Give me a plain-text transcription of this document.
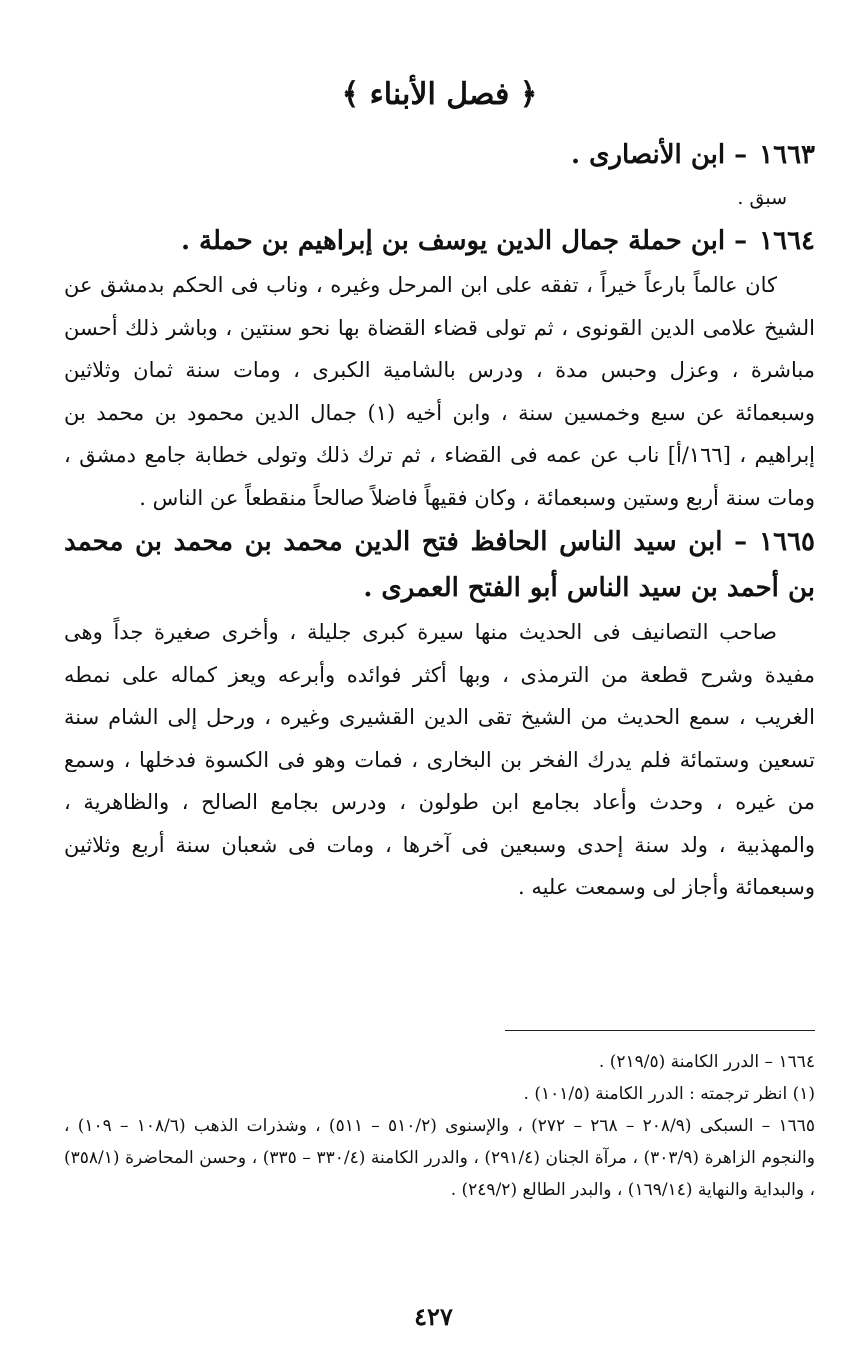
﴿ فصل الأبناء ﴾

١٦٦٣– ابن الأنصارى .

سبق .

١٦٦٤– ابن حملة جمال الدين يوسف بن إبراهيم بن حملة .

كان عالماً بارعاً خيراً ، تفقه على ابن المرحل وغيره ، وناب فى الحكم بدمشق عن الشيخ علامى الدين القونوى ، ثم تولى قضاء القضاة بها نحو سنتين ، وباشر ذلك أحسن مباشرة ، وعزل وحبس مدة ، ودرس بالشامية الكبرى ، ومات سنة ثمان وثلاثين وسبعمائة عن سبع وخمسين سنة ، وابن أخيه (١) جمال الدين محمود بن محمد بن إبراهيم ، [١٦٦/أ] ناب عن عمه فى القضاء ، ثم ترك ذلك وتولى خطابة جامع دمشق ، ومات سنة أربع وستين وسبعمائة ، وكان فقيهاً فاضلاً صالحاً منقطعاً عن الناس .

١٦٦٥– ابن سيد الناس الحافظ فتح الدين محمد بن محمد بن محمد بن أحمد بن سيد الناس أبو الفتح العمرى .

صاحب التصانيف فى الحديث منها سيرة كبرى جليلة ، وأخرى صغيرة جداً وهى مفيدة وشرح قطعة من الترمذى ، وبها أكثر فوائده وأبرعه ويعز كماله على نمطه الغريب ، سمع الحديث من الشيخ تقى الدين القشيرى وغيره ، ورحل إلى الشام سنة تسعين وستمائة فلم يدرك الفخر بن البخارى ، فمات وهو فى الكسوة فدخلها ، وسمع من غيره ، وحدث وأعاد بجامع ابن طولون ، ودرس بجامع الصالح ، والظاهرية ، والمهذبية ، ولد سنة إحدى وسبعين فى آخرها ، ومات فى شعبان سنة أربع وثلاثين وسبعمائة وأجاز لى وسمعت عليه .

١٦٦٤ – الدرر الكامنة (٢١٩/٥) .

(١) انظر ترجمته : الدرر الكامنة (١٠١/٥) .

١٦٦٥ – السبكى (٢٠٨/٩ – ٢٦٨ – ٢٧٢) ، والإسنوى (٥١٠/٢ – ٥١١) ، وشذرات الذهب (١٠٨/٦ – ١٠٩) ، والنجوم الزاهرة (٣٠٣/٩) ، مرآة الجنان (٢٩١/٤) ، والدرر الكامنة (٣٣٠/٤ – ٣٣٥) ، وحسن المحاضرة (٣٥٨/١) ، والبداية والنهاية (١٦٩/١٤) ، والبدر الطالع (٢٤٩/٢) .

٤٢٧
